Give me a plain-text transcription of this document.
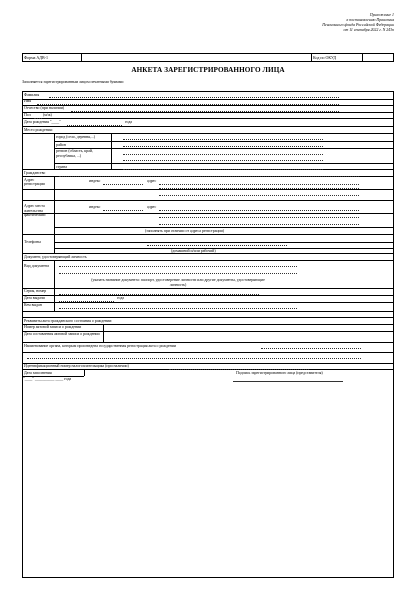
Приложение 1
к постановлению Правления
Пенсионного фонда Российской Федерации
от 11 сентября 2022 г. N 243п
Форма АДВ-1	Код по ОКУД
АНКЕТА ЗАРЕГИСТРИРОВАННОГО ЛИЦА
Заполняется зарегистрированным лицом печатными буквами
Фамилия
Имя
Отчество (при наличии)
Пол	(м/ж)
Дата рождения "____"	года
Место рождения:
город (село, деревня,...)
район
регион (область, край, республика, ...)
страна
Гражданство
Адрес регистрации
индекс	адрес
Адрес места жительства фактический
индекс	адрес
(заполнять при отличии от адреса регистрации)
Телефоны
(домашний и/или рабочий)
Документ, удостоверяющий личность
Вид документа
(указать название документа: паспорт, удостоверение личности или другие документы, удостоверяющие личность)
Серия, номер
Дата выдачи	года
Кем выдан
Реквизиты акта гражданского состояния о рождении:
Номер актовой записи о рождении
Дата составления актовой записи о рождении
Наименование органа, которым произведена государственная регистрация акта о рождении
Идентификационный номер налогоплательщика (при наличии)
Дата заполнения
"____" __________ ____ года
Подпись зарегистрированного лица (представителя)
